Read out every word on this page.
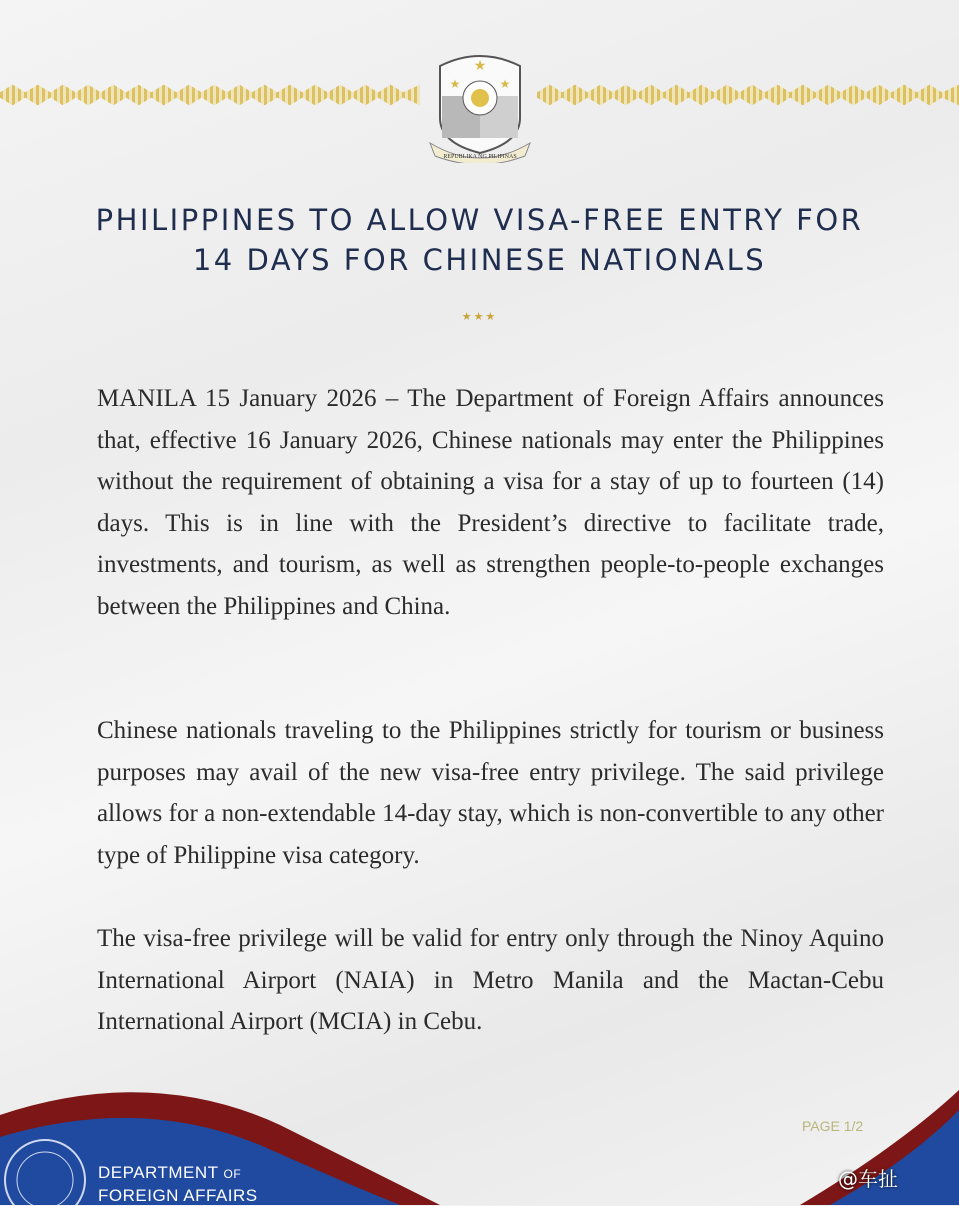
★
★	★
REPUBLIKA NG PILIPINAS
PHILIPPINES TO ALLOW VISA-FREE ENTRY FOR
14 DAYS FOR CHINESE NATIONALS
★★★

MANILA 15 January 2026 – The Department of Foreign Affairs announces that, effective 16 January 2026, Chinese nationals may enter the Philippines without the requirement of obtaining a visa for a stay of up to fourteen (14) days. This is in line with the President’s directive to facilitate trade, investments, and tourism, as well as strengthen people-to-people exchanges between the Philippines and China.

Chinese nationals traveling to the Philippines strictly for tourism or business purposes may avail of the new visa-free entry privilege. The said privilege allows for a non-extendable 14-day stay, which is non-convertible to any other type of Philippine visa category.

The visa-free privilege will be valid for entry only through the Ninoy Aquino International Airport (NAIA) in Metro Manila and the Mactan-Cebu International Airport (MCIA) in Cebu.

PAGE 1/2
DEPARTMENT OF
FOREIGN AFFAIRS
@车扯
